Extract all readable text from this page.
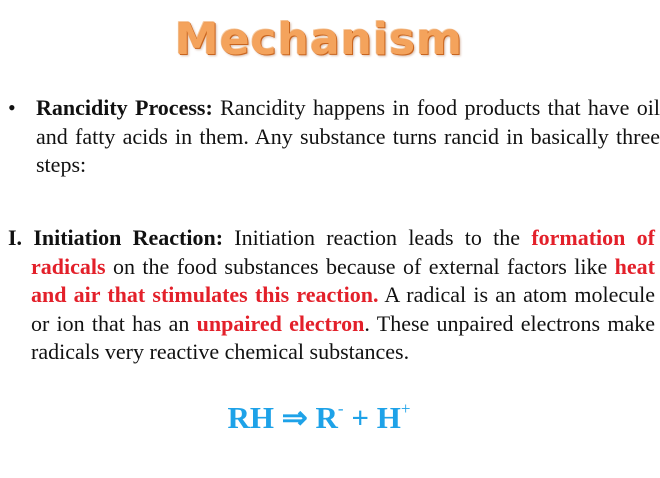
Mechanism
• Rancidity Process: Rancidity happens in food products that have oil and fatty acids in them. Any substance turns rancid in basically three steps:
I. Initiation Reaction: Initiation reaction leads to the formation of radicals on the food substances because of external factors like heat and air that stimulates this reaction. A radical is an atom molecule or ion that has an unpaired electron. These unpaired electrons make radicals very reactive chemical substances.
RH ⇒ R- + H+
